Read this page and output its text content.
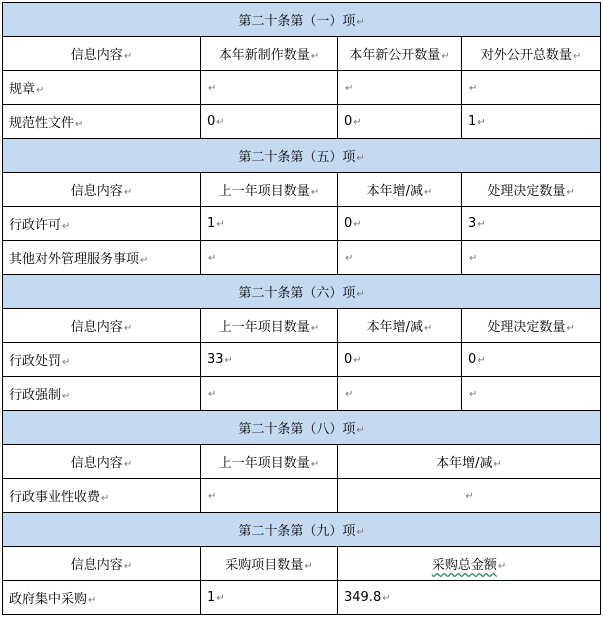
第二十条第（一）项↵			
信息内容↵	本年新制作数量↵	本年新公开数量↵	对外公开总数量↵
规章↵	↵	↵	↵
规范性文件↵	0↵	0↵	1↵
第二十条第（五）项↵			
信息内容↵	上一年项目数量↵	本年增/减↵	处理决定数量↵
行政许可↵	1↵	0↵	3↵
其他对外管理服务事项↵	↵	↵	↵
第二十条第（六）项↵			
信息内容↵	上一年项目数量↵	本年增/减↵	处理决定数量↵
行政处罚↵	33↵	0↵	0↵
行政强制↵	↵	↵	↵
第二十条第（八）项↵			
信息内容↵	上一年项目数量↵	本年增/减↵	
行政事业性收费↵	↵	↵	
第二十条第（九）项↵			
信息内容↵	采购项目数量↵	采购总金额↵	
政府集中采购↵	1↵	349.8↵	
